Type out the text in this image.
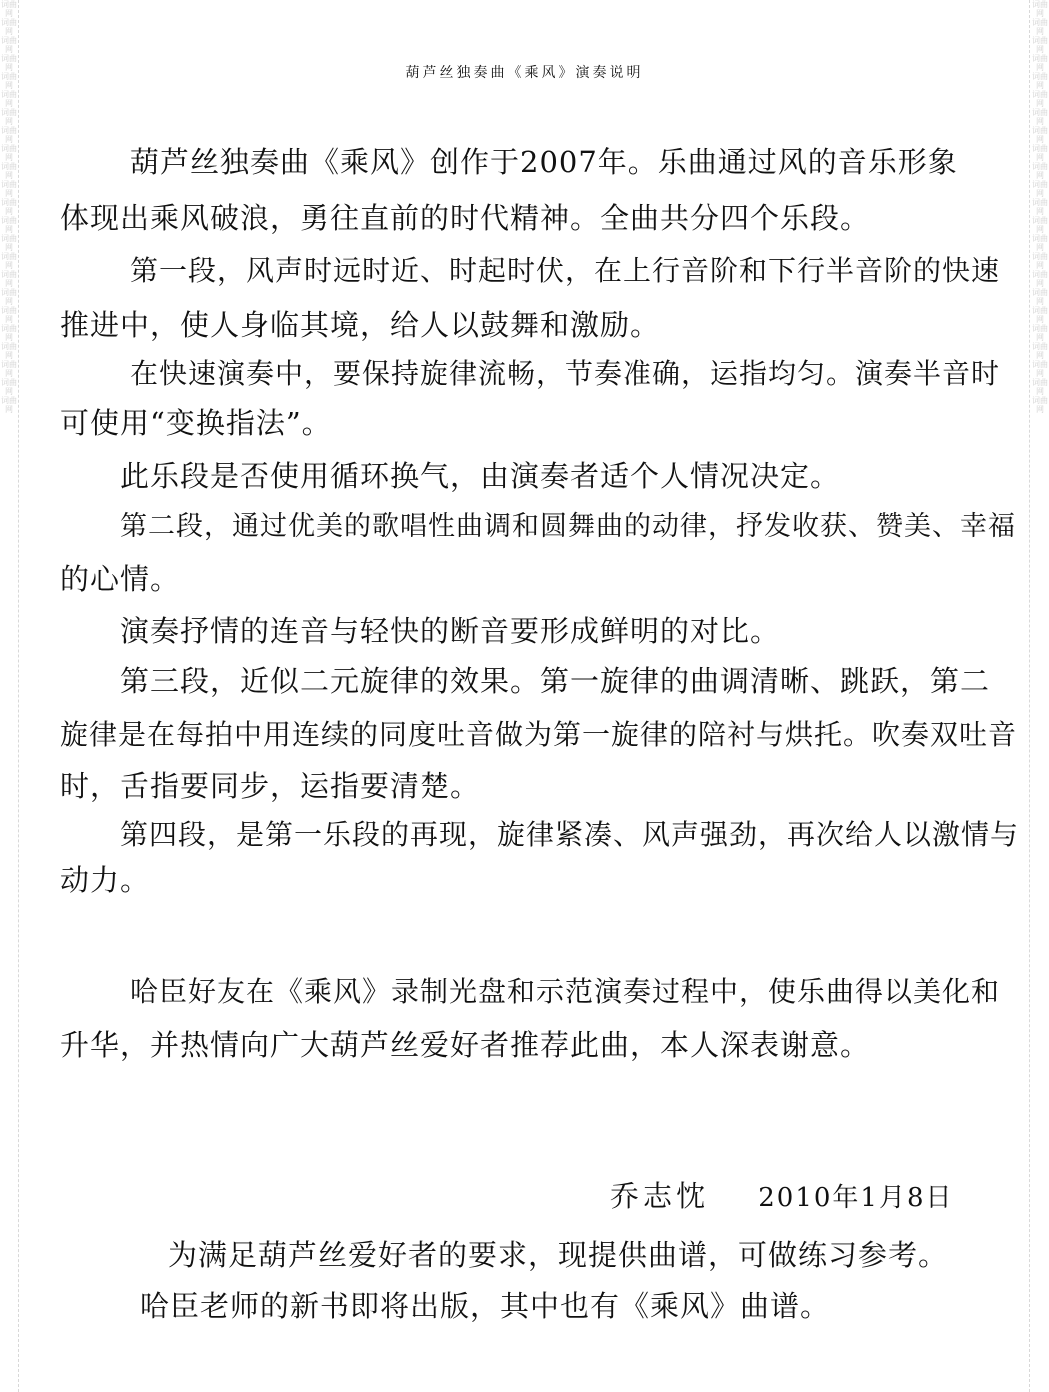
词曲网 词曲网 词曲网 词曲网 词曲网 词曲网 词曲网 词曲网 词曲网 词曲网 词曲网 词曲网 词曲网 词曲网 词曲网 词曲网 词曲网 词曲网 词曲网 词曲网 词曲网 词曲网 词曲网
词曲网 词曲网 词曲网 词曲网 词曲网 词曲网 词曲网 词曲网 词曲网 词曲网 词曲网 词曲网 词曲网 词曲网 词曲网 词曲网 词曲网 词曲网 词曲网 词曲网 词曲网 词曲网 词曲网
葫芦丝独奏曲《乘风》演奏说明
葫芦丝独奏曲《乘风》创作于2007年。乐曲通过风的音乐形象
体现出乘风破浪，勇往直前的时代精神。全曲共分四个乐段。
第一段，风声时远时近、时起时伏，在上行音阶和下行半音阶的快速
推进中，使人身临其境，给人以鼓舞和激励。
在快速演奏中，要保持旋律流畅，节奏准确，运指均匀。演奏半音时
可使用“变换指法”。
此乐段是否使用循环换气，由演奏者适个人情况决定。
第二段，通过优美的歌唱性曲调和圆舞曲的动律，抒发收获、赞美、幸福
的心情。
演奏抒情的连音与轻快的断音要形成鲜明的对比。
第三段，近似二元旋律的效果。第一旋律的曲调清晰、跳跃，第二
旋律是在每拍中用连续的同度吐音做为第一旋律的陪衬与烘托。吹奏双吐音
时，舌指要同步，运指要清楚。
第四段，是第一乐段的再现，旋律紧凑、风声强劲，再次给人以激情与
动力。
哈臣好友在《乘风》录制光盘和示范演奏过程中，使乐曲得以美化和
升华，并热情向广大葫芦丝爱好者推荐此曲，本人深表谢意。
乔志忱 2010年1月8日
为满足葫芦丝爱好者的要求，现提供曲谱，可做练习参考。
哈臣老师的新书即将出版，其中也有《乘风》曲谱。
